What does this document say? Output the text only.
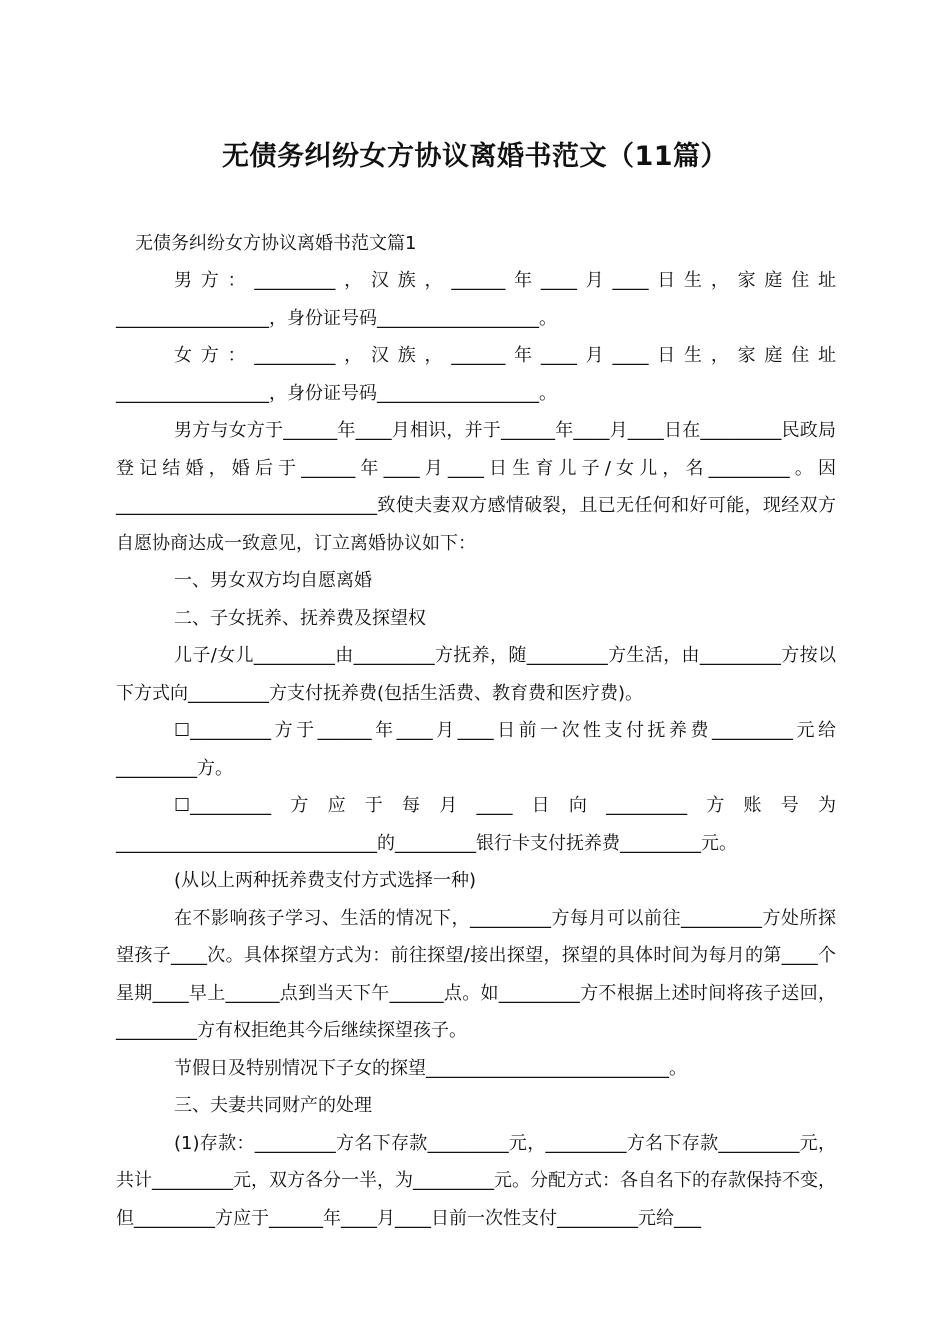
无债务纠纷女方协议离婚书范文（11篇）
无债务纠纷女方协议离婚书范文篇1

男方：_________，汉族，______年____月____日生，家庭住址_________________，身份证号码__________________。

女方：_________，汉族，______年____月____日生，家庭住址_________________，身份证号码__________________。

男方与女方于______年____月相识，并于______年____月____日在_________民政局登记结婚，婚后于______年____月____日生育儿子/女儿，名_________。因_____________________________致使夫妻双方感情破裂，且已无任何和好可能，现经双方自愿协商达成一致意见，订立离婚协议如下：

一、男女双方均自愿离婚

二、子女抚养、抚养费及探望权

儿子/女儿_________由_________方抚养，随_________方生活，由_________方按以下方式向_________方支付抚养费(包括生活费、教育费和医疗费)。

☐_________方于______年____月____日前一次性支付抚养费_________元给_________方。

☐_________方应于每月____日向_________方账号为_____________________________的_________银行卡支付抚养费_________元。

(从以上两种抚养费支付方式选择一种)

在不影响孩子学习、生活的情况下，_________方每月可以前往_________方处所探望孩子____次。具体探望方式为：前往探望/接出探望，探望的具体时间为每月的第____个星期____早上______点到当天下午______点。如_________方不根据上述时间将孩子送回，_________方有权拒绝其今后继续探望孩子。

节假日及特别情况下子女的探望___________________________。

三、夫妻共同财产的处理

(1)存款：_________方名下存款_________元，_________方名下存款_________元，共计_________元，双方各分一半，为_________元。分配方式：各自名下的存款保持不变，但_________方应于______年____月____日前一次性支付_________元给___
